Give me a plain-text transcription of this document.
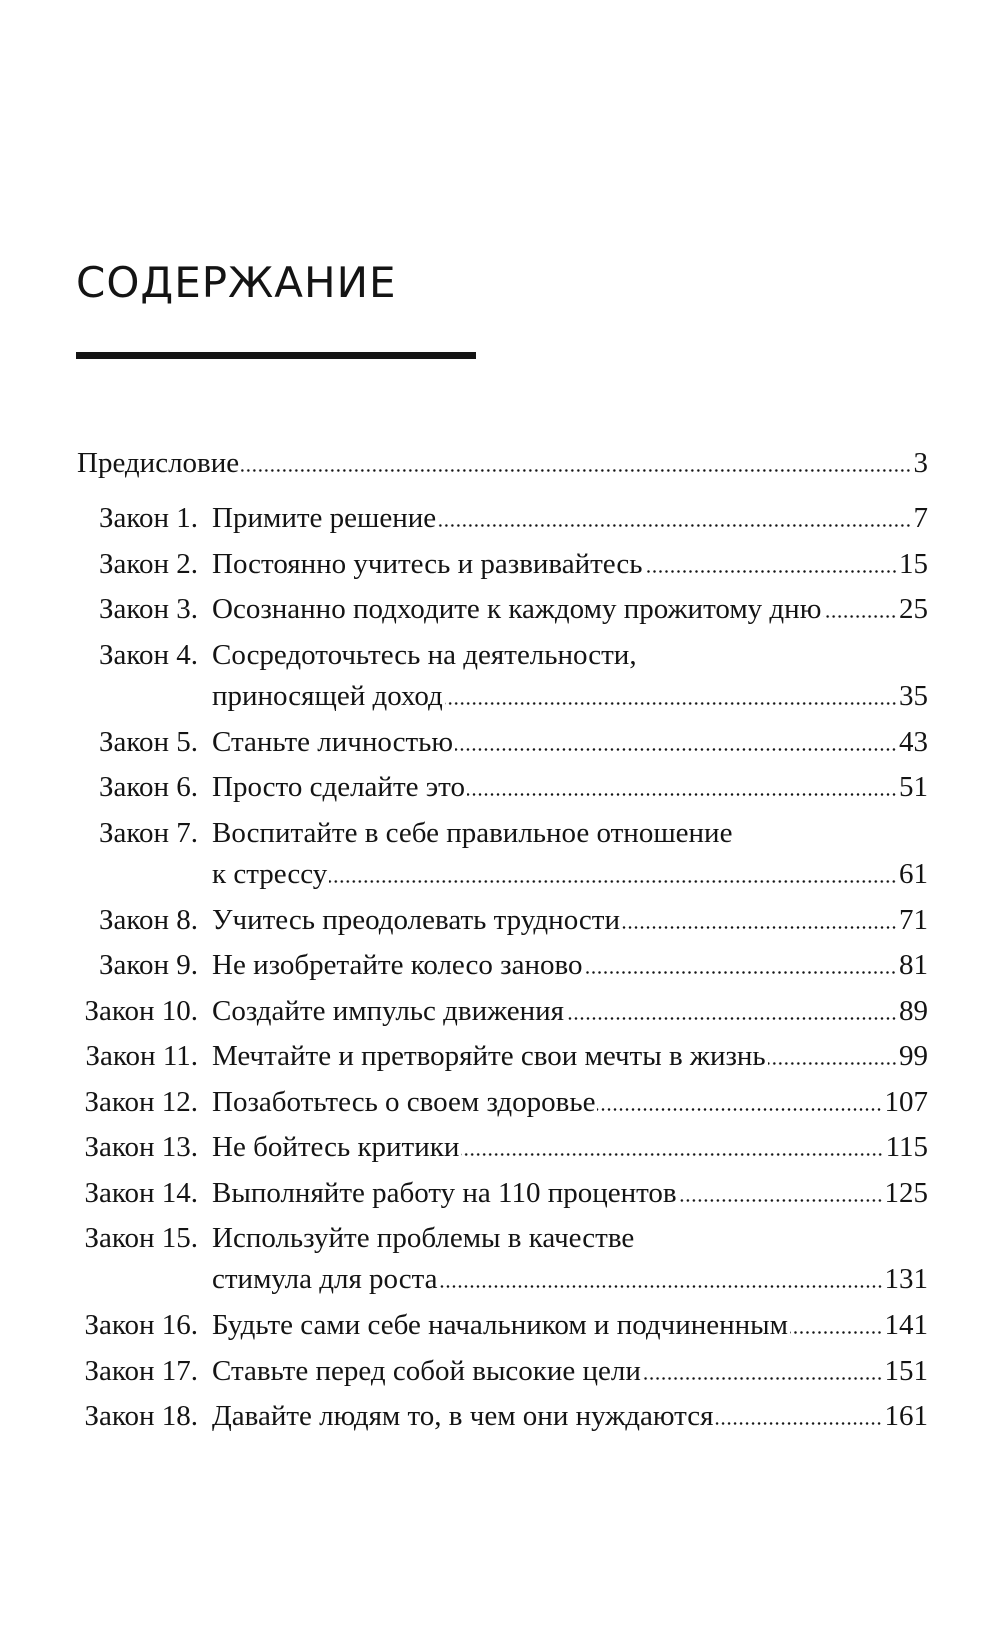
СОДЕРЖАНИЕ
Предисловие	3
Закон 1. Примите решение	7
Закон 2. Постоянно учитесь и развивайтесь	15
Закон 3. Осознанно подходите к каждому прожитому дню	25
Закон 4. Сосредоточьтесь на деятельности,
приносящей доход	35
Закон 5. Станьте личностью	43
Закон 6. Просто сделайте это	51
Закон 7. Воспитайте в себе правильное отношение
к стрессу	61
Закон 8. Учитесь преодолевать трудности	71
Закон 9. Не изобретайте колесо заново	81
Закон 10. Создайте импульс движения	89
Закон 11. Мечтайте и претворяйте свои мечты в жизнь	99
Закон 12. Позаботьтесь о своем здоровье	107
Закон 13. Не бойтесь критики	115
Закон 14. Выполняйте работу на 110 процентов	125
Закон 15. Используйте проблемы в качестве
стимула для роста	131
Закон 16. Будьте сами себе начальником и подчиненным	141
Закон 17. Ставьте перед собой высокие цели	151
Закон 18. Давайте людям то, в чем они нуждаются	161
